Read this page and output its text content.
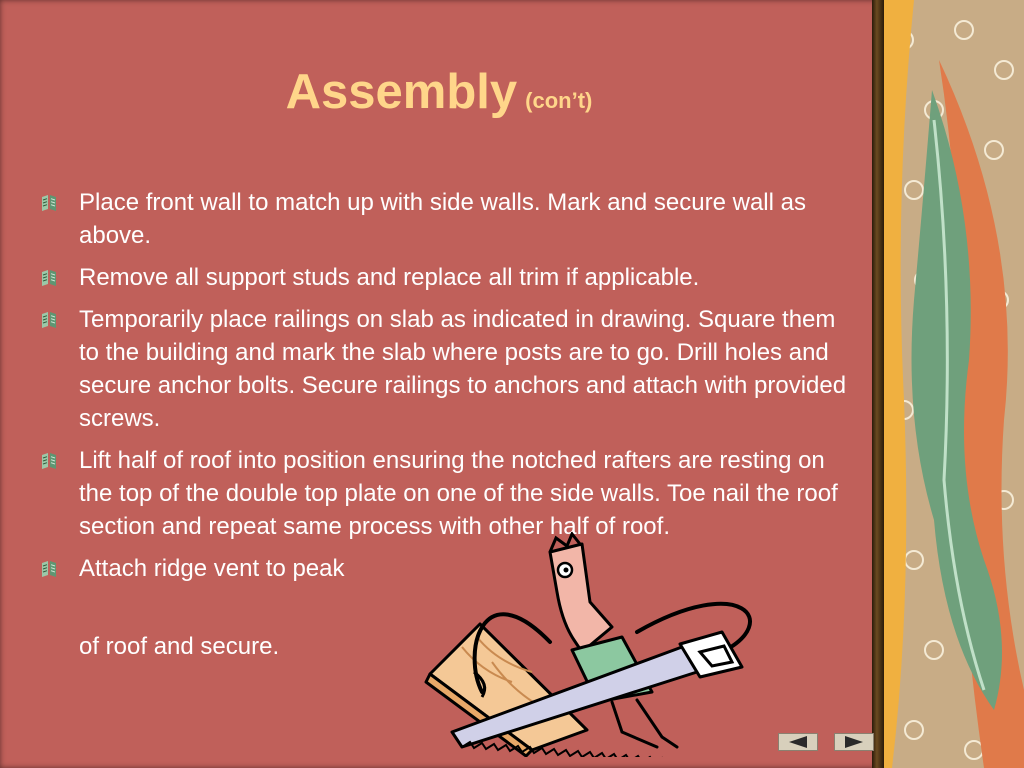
Assembly (con’t)
Place front wall to match up with side walls. Mark and secure wall as above.
Remove all support studs and replace all trim if applicable.
Temporarily place railings on slab as indicated in drawing. Square them to the building and mark the slab where posts are to go. Drill holes and secure anchor bolts. Secure railings to anchors and attach with provided screws.
Lift half of roof into position ensuring the notched rafters are resting on the top of the double top plate on one of the side walls. Toe nail the roof section and repeat same process with other half of roof.
Attach ridge vent to peak
of roof and secure.
